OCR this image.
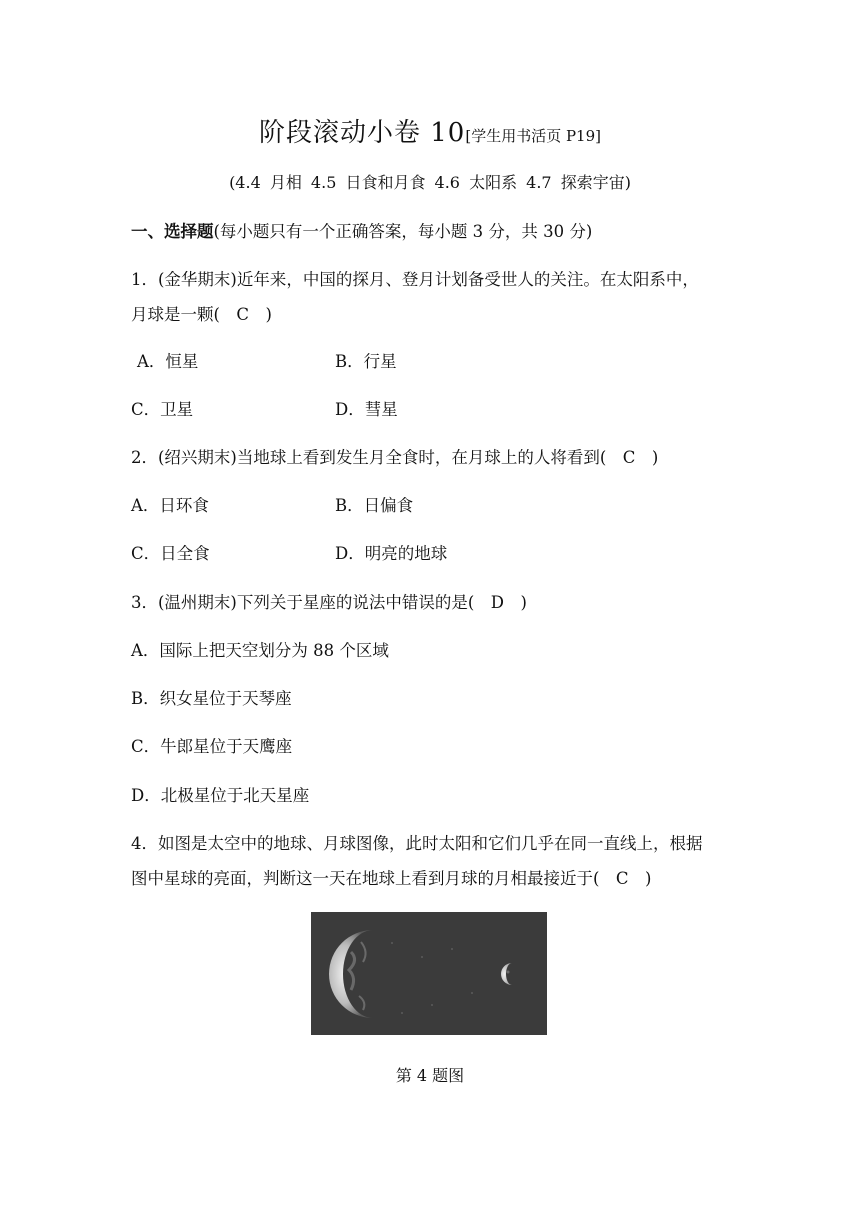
阶段滚动小卷 10[学生用书活页 P19]
(4.4 月相 4.5 日食和月食 4.6 太阳系 4.7 探索宇宙)
一、选择题(每小题只有一个正确答案，每小题 3 分，共 30 分)
1．(金华期末)近年来，中国的探月、登月计划备受世人的关注。在太阳系中，
月球是一颗(　C　)
A．恒星	B．行星
C．卫星	D．彗星
2．(绍兴期末)当地球上看到发生月全食时，在月球上的人将看到(　C　)
A．日环食	B．日偏食
C．日全食	D．明亮的地球
3．(温州期末)下列关于星座的说法中错误的是(　D　)
A．国际上把天空划分为 88 个区域
B．织女星位于天琴座
C．牛郎星位于天鹰座
D．北极星位于北天星座
4．如图是太空中的地球、月球图像，此时太阳和它们几乎在同一直线上，根据
图中星球的亮面，判断这一天在地球上看到月球的月相最接近于(　C　)
第 4 题图
